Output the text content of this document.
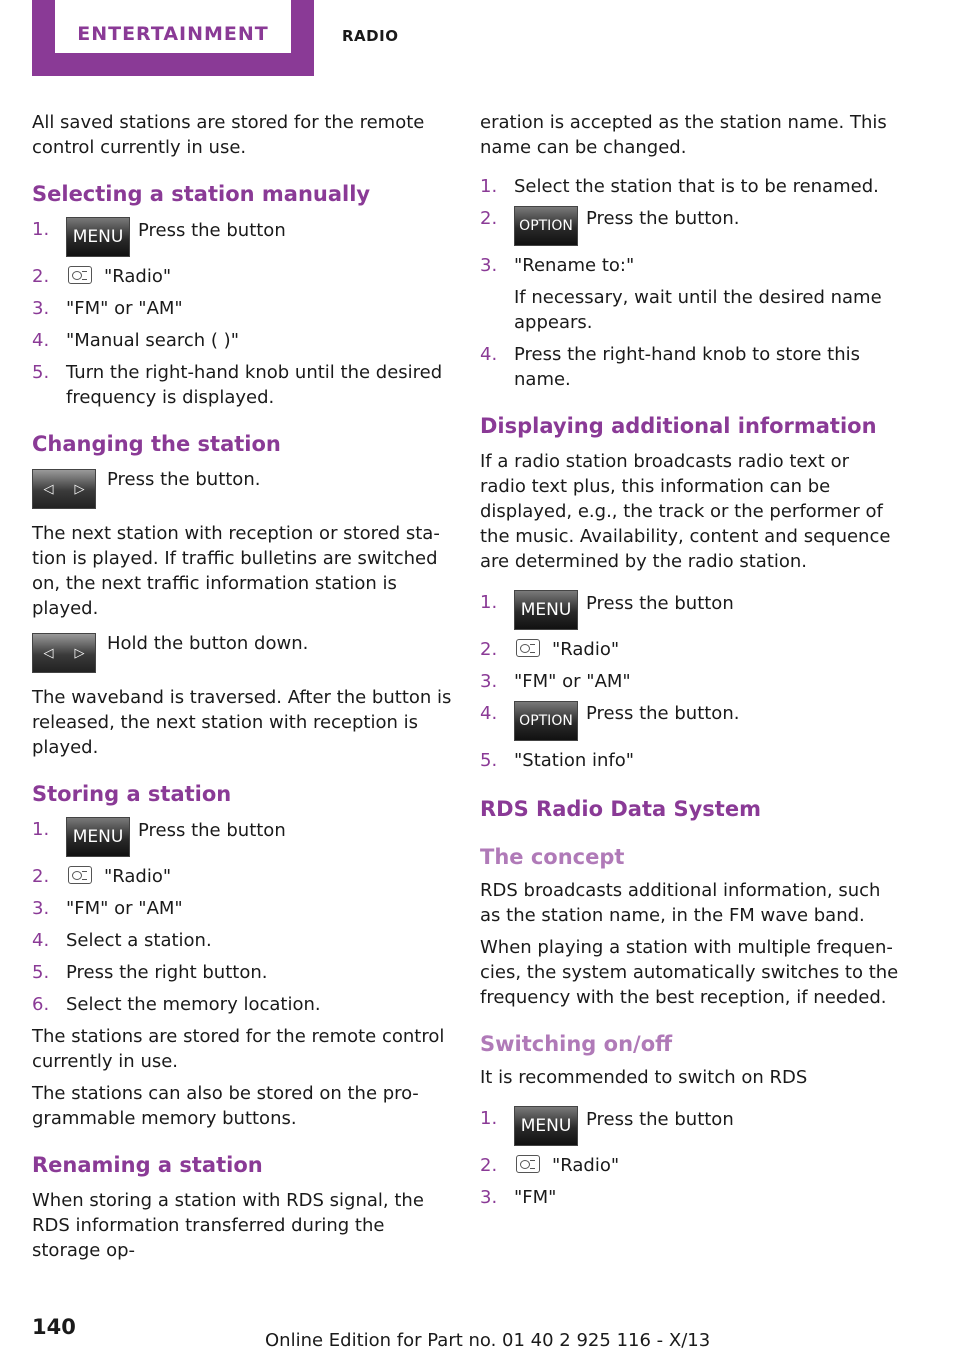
ENTERTAINMENT	RADIO

All saved stations are stored for the remote control currently in use.

Selecting a station manually
1. MENU Press the button
2.	"Radio"
3. "FM" or "AM"
4. "Manual search ( )"
5. Turn the right-hand knob until the desired frequency is displayed.
Changing the station
◁ ▷	Press the button.

The next station with reception or stored station is played. If traffic bulletins are switched on, the next traffic information station is played.

◁ ▷	Hold the button down.

The waveband is traversed. After the button is released, the next station with reception is played.

Storing a station
1. MENU Press the button
2.	"Radio"
3. "FM" or "AM"
4. Select a station.
5. Press the right button.
6. Select the memory location.

The stations are stored for the remote control currently in use.

The stations can also be stored on the programmable memory buttons.

Renaming a station

When storing a station with RDS signal, the RDS information transferred during the storage op-

eration is accepted as the station name. This name can be changed.

1. Select the station that is to be renamed.
2. OPTION Press the button.
3. "Rename to:"

If necessary, wait until the desired name appears.
4. Press the right-hand knob to store this name.
Displaying additional information

If a radio station broadcasts radio text or radio text plus, this information can be displayed, e.g., the track or the performer of the music. Availability, content and sequence are determined by the radio station.

1. MENU Press the button
2.	"Radio"
3. "FM" or "AM"
4. OPTION Press the button.
5. "Station info"
RDS Radio Data System
The concept

RDS broadcasts additional information, such as the station name, in the FM wave band.

When playing a station with multiple frequencies, the system automatically switches to the frequency with the best reception, if needed.

Switching on/off

It is recommended to switch on RDS

1. MENU Press the button
2.	"Radio"
3. "FM"
140
Online Edition for Part no. 01 40 2 925 116 - X/13
